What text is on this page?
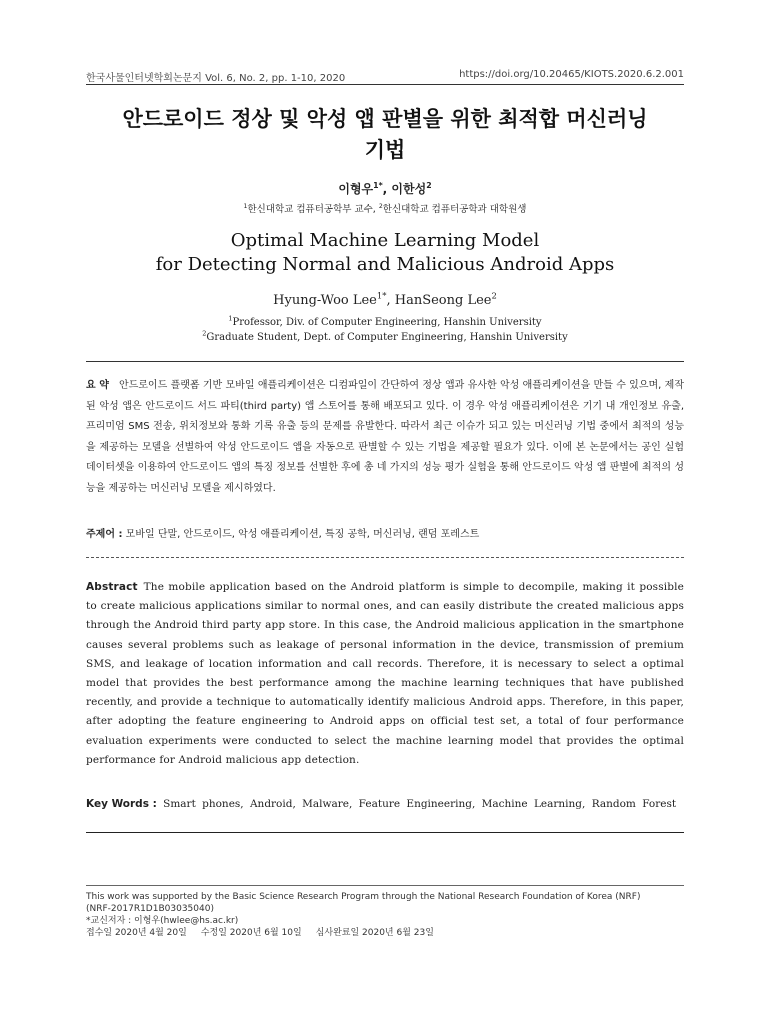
한국사물인터넷학회논문지 Vol. 6, No. 2, pp. 1-10, 2020	https://doi.org/10.20465/KIOTS.2020.6.2.001
안드로이드 정상 및 악성 앱 판별을 위한 최적합 머신러닝
기법
이형우$^{1*}$, 이한성$^2$
$^1$한신대학교 컴퓨터공학부 교수, $^2$한신대학교 컴퓨터공학과 대학원생
Optimal Machine Learning Model
for Detecting Normal and Malicious Android Apps
Hyung-Woo Lee$^{1*}$, HanSeong Lee$^2$
$^1$Professor, Div. of Computer Engineering, Hanshin University
$^2$Graduate Student, Dept. of Computer Engineering, Hanshin University
요 약 안드로이드 플랫폼 기반 모바일 애플리케이션은 디컴파일이 간단하여 정상 앱과 유사한 악성 애플리케이션을 만들 수 있으며, 제작된 악성 앱은 안드로이드 서드 파티(third party) 앱 스토어를 통해 배포되고 있다. 이 경우 악성 애플리케이션은 기기 내 개인정보 유출, 프리미엄 SMS 전송, 위치정보와 통화 기록 유출 등의 문제를 유발한다. 따라서 최근 이슈가 되고 있는 머신러닝 기법 중에서 최적의 성능을 제공하는 모델을 선별하여 악성 안드로이드 앱을 자동으로 판별할 수 있는 기법을 제공할 필요가 있다. 이에 본 논문에서는 공인 실험 데이터셋을 이용하여 안드로이드 앱의 특징 정보를 선별한 후에 총 네 가지의 성능 평가 실험을 통해 안드로이드 악성 앱 판별에 최적의 성능을 제공하는 머신러닝 모델을 제시하였다.
주제어 : 모바일 단말, 안드로이드, 악성 애플리케이션, 특징 공학, 머신러닝, 랜덤 포레스트
Abstract The mobile application based on the Android platform is simple to decompile, making it possible to create malicious applications similar to normal ones, and can easily distribute the created malicious apps through the Android third party app store. In this case, the Android malicious application in the smartphone causes several problems such as leakage of personal information in the device, transmission of premium SMS, and leakage of location information and call records. Therefore, it is necessary to select a optimal model that provides the best performance among the machine learning techniques that have published recently, and provide a technique to automatically identify malicious Android apps. Therefore, in this paper, after adopting the feature engineering to Android apps on official test set, a total of four performance evaluation experiments were conducted to select the machine learning model that provides the optimal performance for Android malicious app detection.
Key Words : Smart phones, Android, Malware, Feature Engineering, Machine Learning, Random Forest
This work was supported by the Basic Science Research Program through the National Research Foundation of Korea (NRF)
(NRF-2017R1D1B03035040)
*교신저자 : 이형우(hwlee@hs.ac.kr)
접수일 2020년 4월 20일 수정일 2020년 6월 10일 심사완료일 2020년 6월 23일
